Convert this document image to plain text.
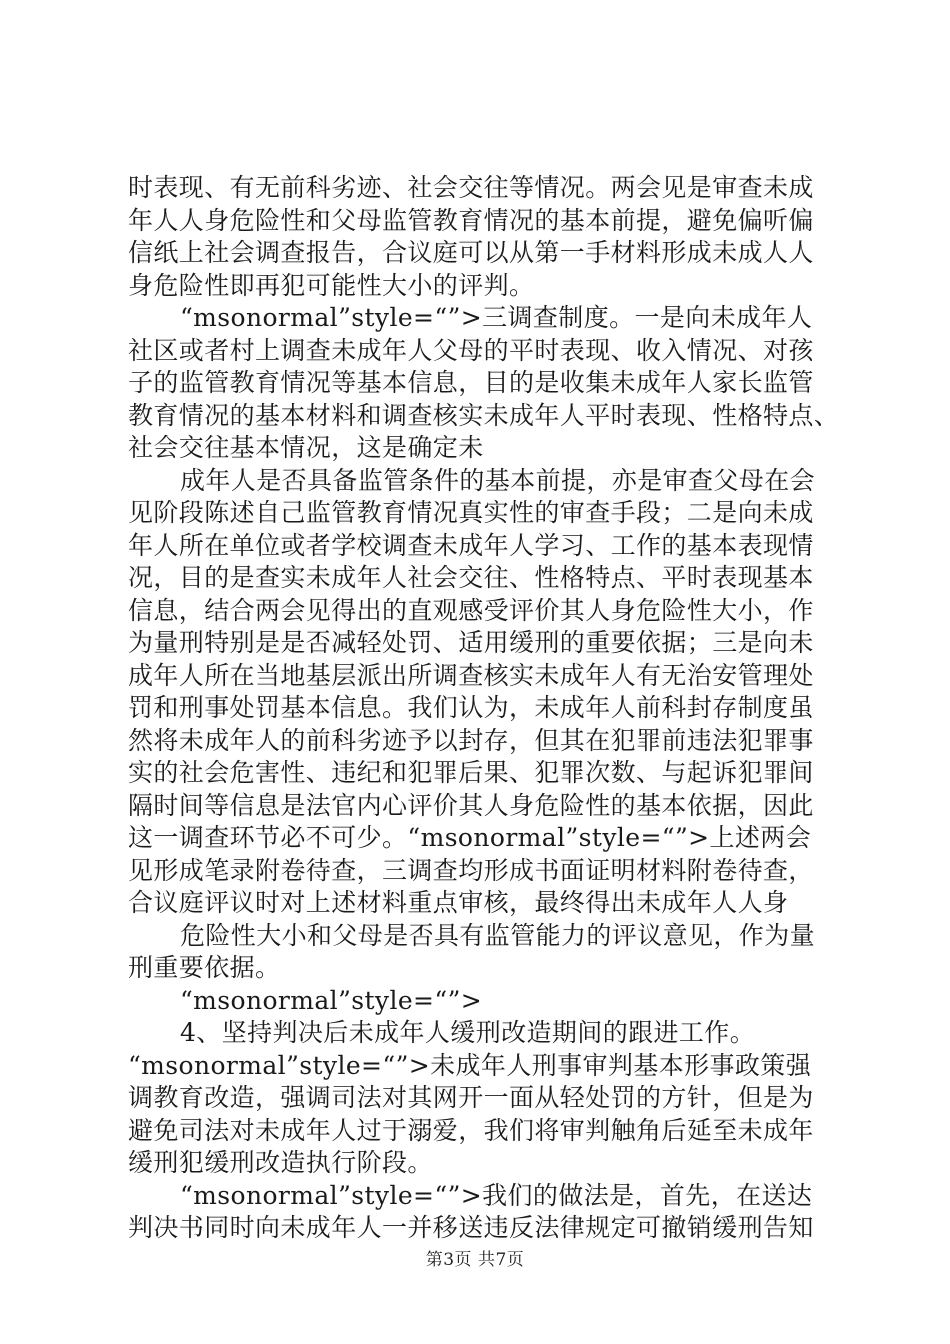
时表现、有无前科劣迹、社会交往等情况。两会见是审查未成
年人人身危险性和父母监管教育情况的基本前提，避免偏听偏
信纸上社会调查报告，合议庭可以从第一手材料形成未成人人
身危险性即再犯可能性大小的评判。
“msonormal”style=“”>三调查制度。一是向未成年人
社区或者村上调查未成年人父母的平时表现、收入情况、对孩
子的监管教育情况等基本信息，目的是收集未成年人家长监管
教育情况的基本材料和调查核实未成年人平时表现、性格特点、
社会交往基本情况，这是确定未
成年人是否具备监管条件的基本前提，亦是审查父母在会
见阶段陈述自己监管教育情况真实性的审查手段；二是向未成
年人所在单位或者学校调查未成年人学习、工作的基本表现情
况，目的是查实未成年人社会交往、性格特点、平时表现基本
信息，结合两会见得出的直观感受评价其人身危险性大小，作
为量刑特别是是否减轻处罚、适用缓刑的重要依据；三是向未
成年人所在当地基层派出所调查核实未成年人有无治安管理处
罚和刑事处罚基本信息。我们认为，未成年人前科封存制度虽
然将未成年人的前科劣迹予以封存，但其在犯罪前违法犯罪事
实的社会危害性、违纪和犯罪后果、犯罪次数、与起诉犯罪间
隔时间等信息是法官内心评价其人身危险性的基本依据，因此
这一调查环节必不可少。“msonormal”style=“”>上述两会
见形成笔录附卷待查，三调查均形成书面证明材料附卷待查，
合议庭评议时对上述材料重点审核，最终得出未成年人人身
危险性大小和父母是否具有监管能力的评议意见，作为量
刑重要依据。
“msonormal”style=“”>
4、坚持判决后未成年人缓刑改造期间的跟进工作。
“msonormal”style=“”>未成年人刑事审判基本形事政策强
调教育改造，强调司法对其网开一面从轻处罚的方针，但是为
避免司法对未成年人过于溺爱，我们将审判触角后延至未成年
缓刑犯缓刑改造执行阶段。
“msonormal”style=“”>我们的做法是，首先，在送达
判决书同时向未成年人一并移送违反法律规定可撤销缓刑告知
第3页 共7页
